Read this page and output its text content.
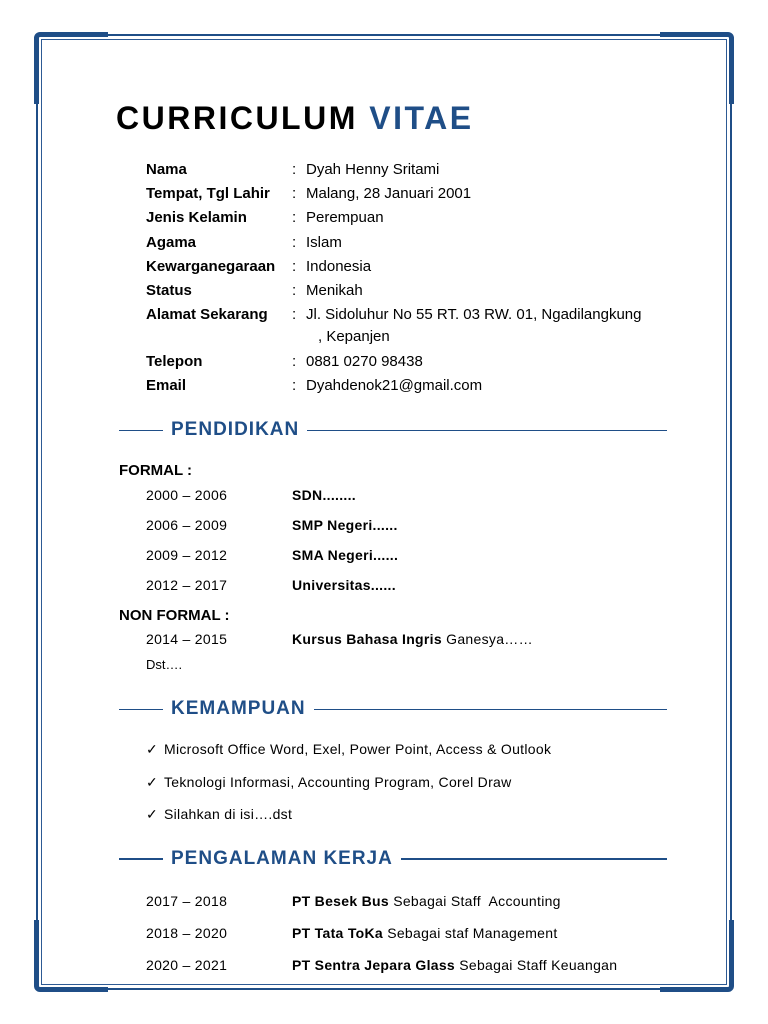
CURRICULUM VITAE
Nama	: Dyah Henny Sritami
Tempat, Tgl Lahir	: Malang, 28 Januari 2001
Jenis Kelamin	: Perempuan
Agama	: Islam
Kewarganegaraan	: Indonesia
Status	: Menikah
Alamat Sekarang	: Jl. Sidoluhur No 55 RT. 03 RW. 01, Ngadilangkung
, Kepanjen
Telepon	: 0881 0270 98438
Email	: Dyahdenok21@gmail.com
PENDIDIKAN
FORMAL :
2000 – 2006	SDN........
2006 – 2009	SMP Negeri......
2009 – 2012	SMA Negeri......
2012 – 2017	Universitas......
NON FORMAL :
2014 – 2015	Kursus Bahasa Ingris Ganesya……
Dst….
KEMAMPUAN
✓ Microsoft Office Word, Exel, Power Point, Access & Outlook
✓ Teknologi Informasi, Accounting Program, Corel Draw
✓ Silahkan di isi….dst
PENGALAMAN KERJA
2017 – 2018	PT Besek Bus Sebagai Staff  Accounting
2018 – 2020	PT Tata ToKa Sebagai staf Management
2020 – 2021	PT Sentra Jepara Glass Sebagai Staff Keuangan
